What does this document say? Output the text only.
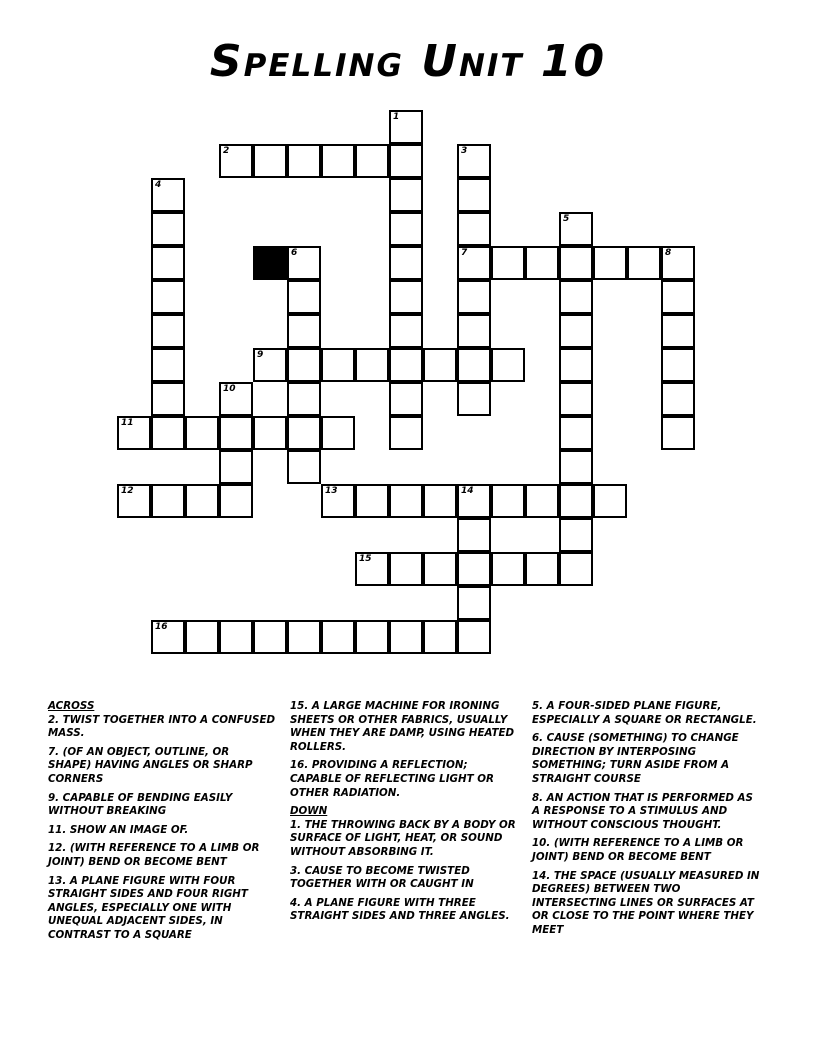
Spelling Unit 10
2
7	8
9
11
12	13	14
15
16
1
3
4
5
6
10
ACROSS
2. TWIST TOGETHER INTO A CONFUSED MASS.
7. (OF AN OBJECT, OUTLINE, OR SHAPE) HAVING ANGLES OR SHARP CORNERS
9. CAPABLE OF BENDING EASILY WITHOUT BREAKING
11. SHOW AN IMAGE OF.
12. (WITH REFERENCE TO A LIMB OR JOINT) BEND OR BECOME BENT
13. A PLANE FIGURE WITH FOUR STRAIGHT SIDES AND FOUR RIGHT ANGLES, ESPECIALLY ONE WITH UNEQUAL ADJACENT SIDES, IN CONTRAST TO A SQUARE
15. A LARGE MACHINE FOR IRONING SHEETS OR OTHER FABRICS, USUALLY WHEN THEY ARE DAMP, USING HEATED ROLLERS.
16. PROVIDING A REFLECTION; CAPABLE OF REFLECTING LIGHT OR OTHER RADIATION.
DOWN
1. THE THROWING BACK BY A BODY OR SURFACE OF LIGHT, HEAT, OR SOUND WITHOUT ABSORBING IT.
3. CAUSE TO BECOME TWISTED TOGETHER WITH OR CAUGHT IN
4. A PLANE FIGURE WITH THREE STRAIGHT SIDES AND THREE ANGLES.
5. A FOUR-SIDED PLANE FIGURE, ESPECIALLY A SQUARE OR RECTANGLE.
6. CAUSE (SOMETHING) TO CHANGE DIRECTION BY INTERPOSING SOMETHING; TURN ASIDE FROM A STRAIGHT COURSE
8. AN ACTION THAT IS PERFORMED AS A RESPONSE TO A STIMULUS AND WITHOUT CONSCIOUS THOUGHT.
10. (WITH REFERENCE TO A LIMB OR JOINT) BEND OR BECOME BENT
14. THE SPACE (USUALLY MEASURED IN DEGREES) BETWEEN TWO INTERSECTING LINES OR SURFACES AT OR CLOSE TO THE POINT WHERE THEY MEET
